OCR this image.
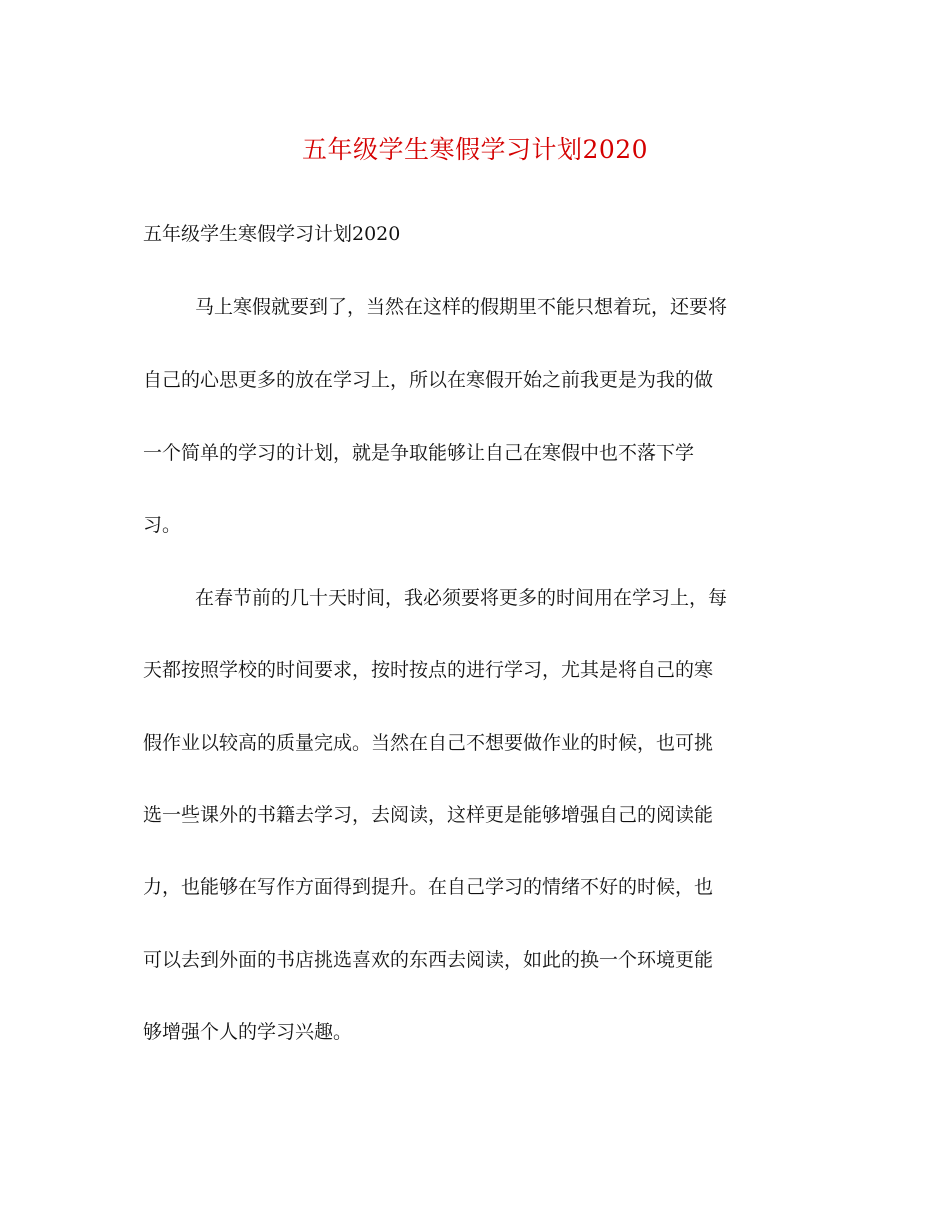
五年级学生寒假学习计划2020
五年级学生寒假学习计划2020
马上寒假就要到了，当然在这样的假期里不能只想着玩，还要将
自己的心思更多的放在学习上，所以在寒假开始之前我更是为我的做
一个简单的学习的计划，就是争取能够让自己在寒假中也不落下学
习。
在春节前的几十天时间，我必须要将更多的时间用在学习上，每
天都按照学校的时间要求，按时按点的进行学习，尤其是将自己的寒
假作业以较高的质量完成。当然在自己不想要做作业的时候，也可挑
选一些课外的书籍去学习，去阅读，这样更是能够增强自己的阅读能
力，也能够在写作方面得到提升。在自己学习的情绪不好的时候，也
可以去到外面的书店挑选喜欢的东西去阅读，如此的换一个环境更能
够增强个人的学习兴趣。
